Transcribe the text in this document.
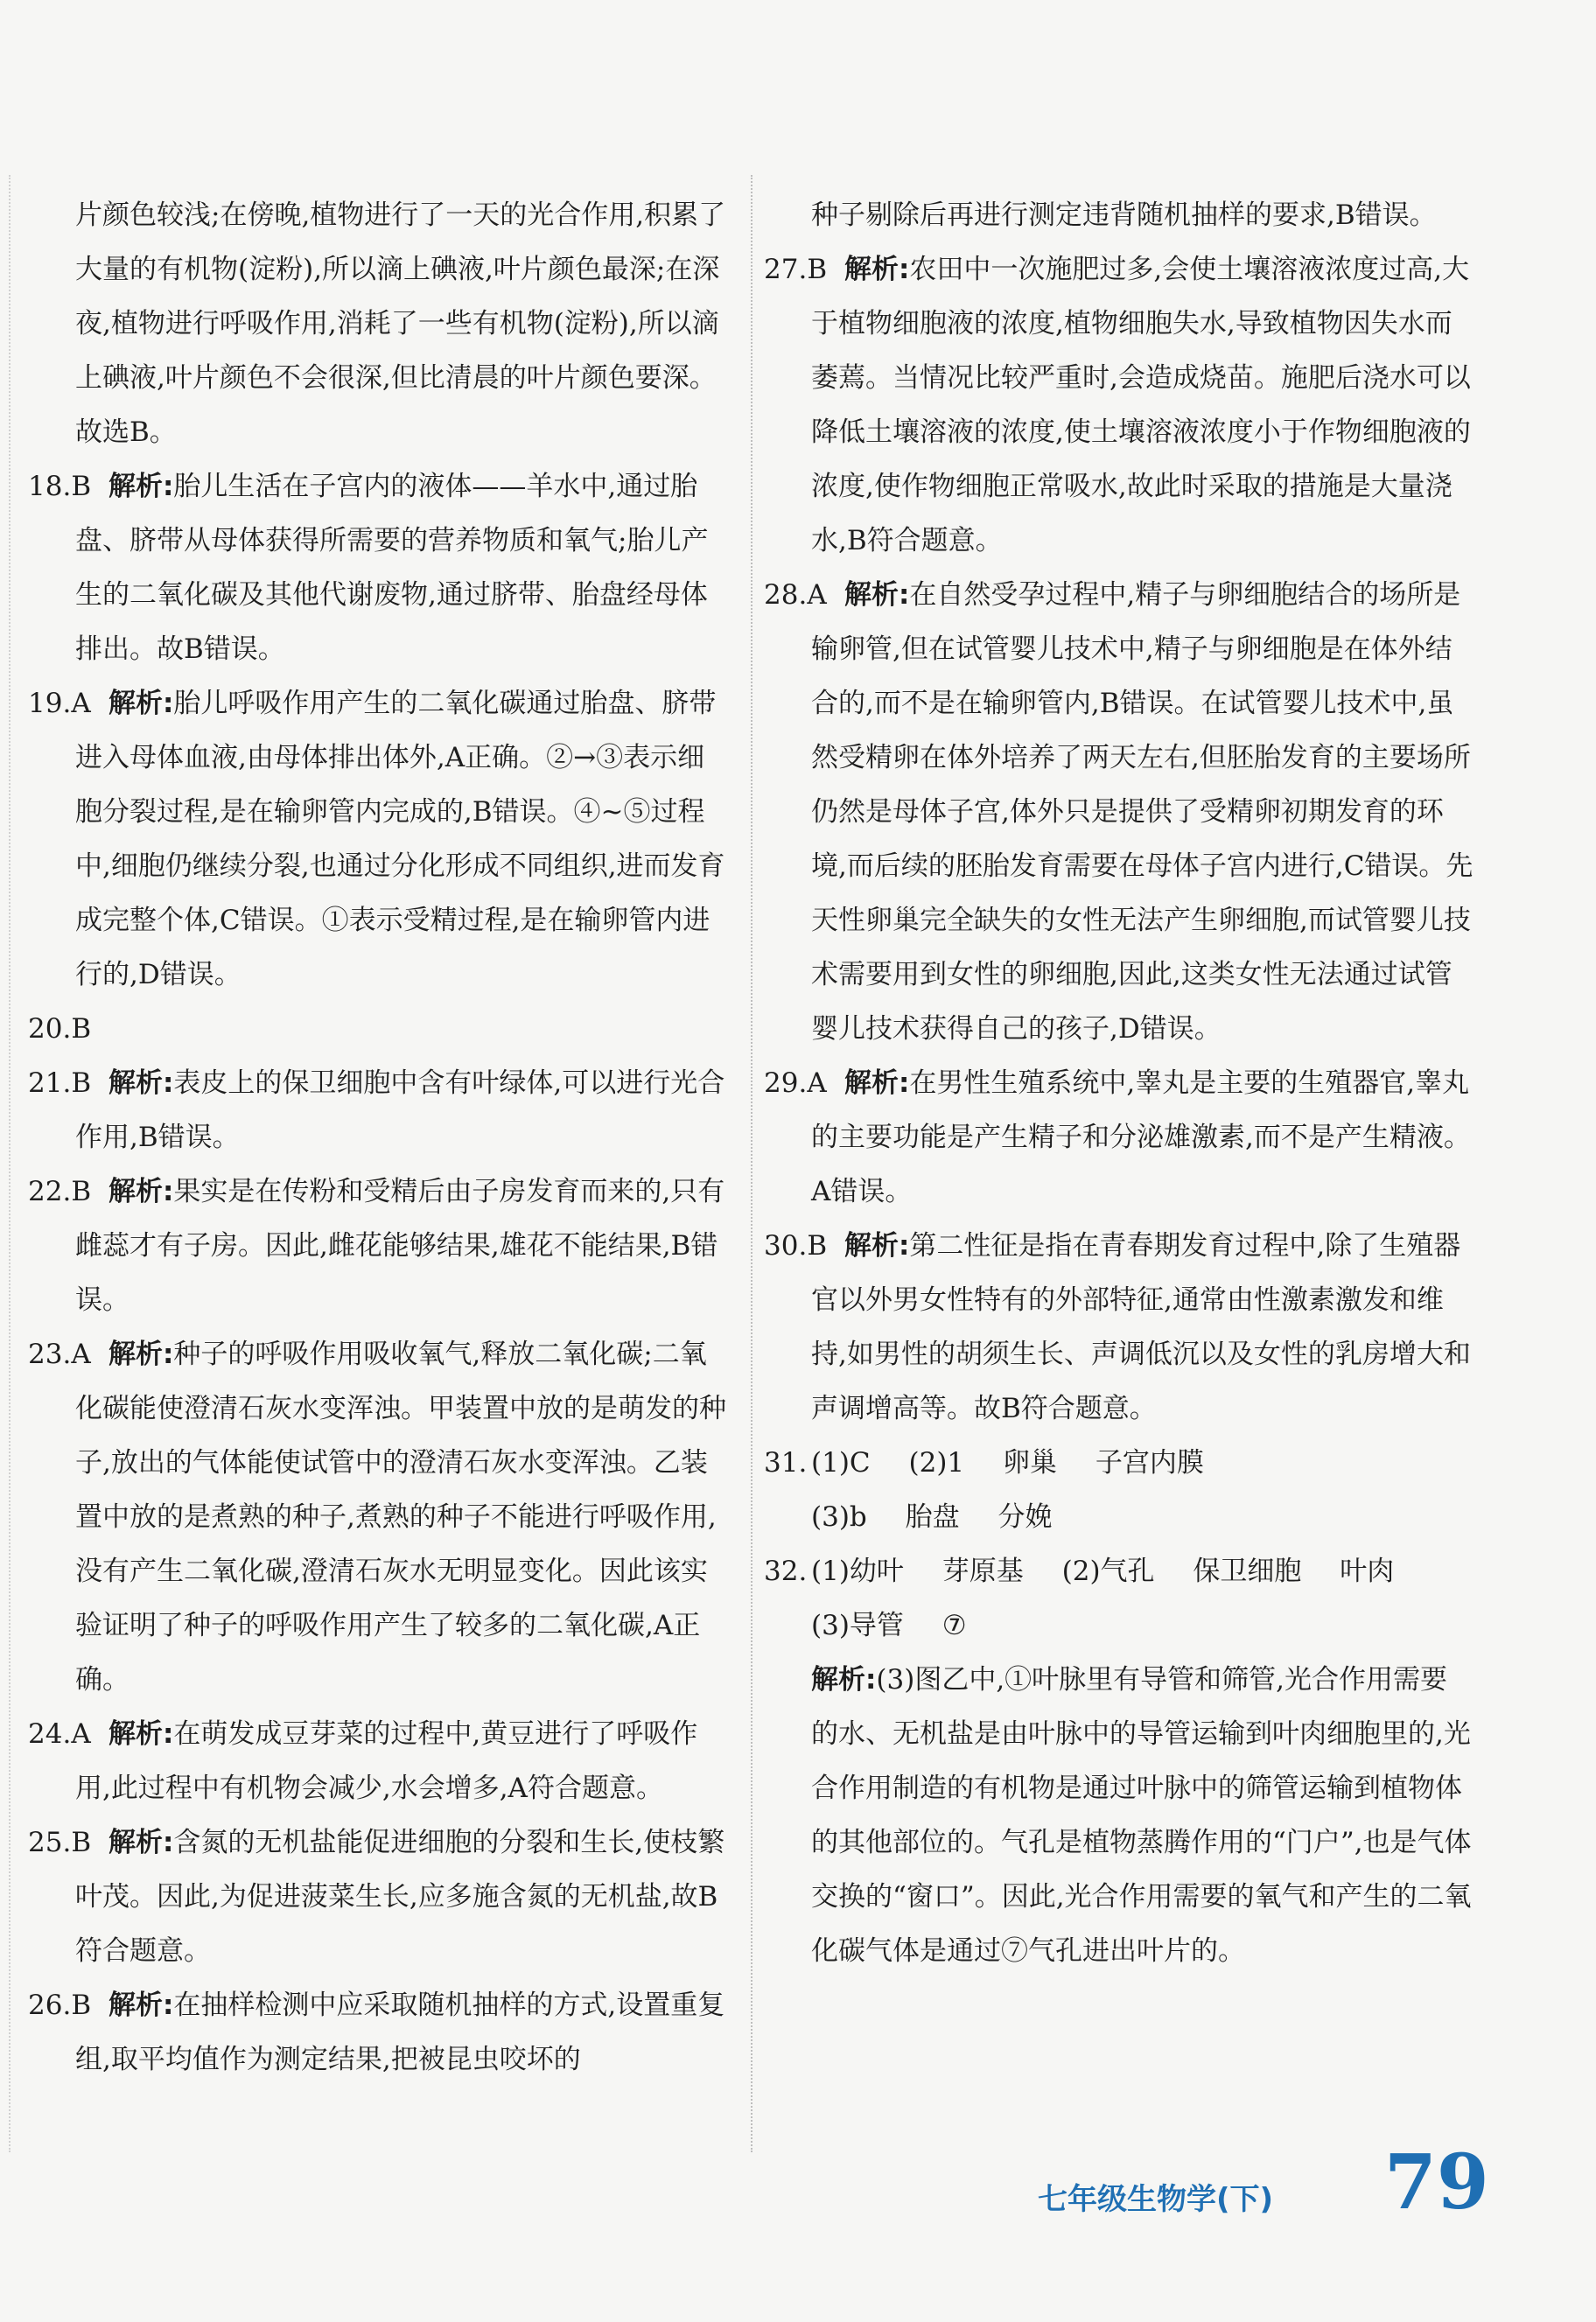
片颜色较浅;在傍晚,植物进行了一天的光合作用,积累了大量的有机物(淀粉),所以滴上碘液,叶片颜色最深;在深夜,植物进行呼吸作用,消耗了一些有机物(淀粉),所以滴上碘液,叶片颜色不会很深,但比清晨的叶片颜色要深。故选B。
18.B 解析:胎儿生活在子宫内的液体——羊水中,通过胎盘、脐带从母体获得所需要的营养物质和氧气;胎儿产生的二氧化碳及其他代谢废物,通过脐带、胎盘经母体排出。故B错误。
19.A 解析:胎儿呼吸作用产生的二氧化碳通过胎盘、脐带进入母体血液,由母体排出体外,A正确。②→③表示细胞分裂过程,是在输卵管内完成的,B错误。④~⑤过程中,细胞仍继续分裂,也通过分化形成不同组织,进而发育成完整个体,C错误。①表示受精过程,是在输卵管内进行的,D错误。
20.B

21.B 解析:表皮上的保卫细胞中含有叶绿体,可以进行光合作用,B错误。
22.B 解析:果实是在传粉和受精后由子房发育而来的,只有雌蕊才有子房。因此,雌花能够结果,雄花不能结果,B错误。
23.A 解析:种子的呼吸作用吸收氧气,释放二氧化碳;二氧化碳能使澄清石灰水变浑浊。甲装置中放的是萌发的种子,放出的气体能使试管中的澄清石灰水变浑浊。乙装置中放的是煮熟的种子,煮熟的种子不能进行呼吸作用,没有产生二氧化碳,澄清石灰水无明显变化。因此该实验证明了种子的呼吸作用产生了较多的二氧化碳,A正确。
24.A 解析:在萌发成豆芽菜的过程中,黄豆进行了呼吸作用,此过程中有机物会减少,水会增多,A符合题意。
25.B 解析:含氮的无机盐能促进细胞的分裂和生长,使枝繁叶茂。因此,为促进菠菜生长,应多施含氮的无机盐,故B符合题意。
26.B 解析:在抽样检测中应采取随机抽样的方式,设置重复组,取平均值作为测定结果,把被昆虫咬坏的
种子剔除后再进行测定违背随机抽样的要求,B错误。
27.B 解析:农田中一次施肥过多,会使土壤溶液浓度过高,大于植物细胞液的浓度,植物细胞失水,导致植物因失水而萎蔫。当情况比较严重时,会造成烧苗。施肥后浇水可以降低土壤溶液的浓度,使土壤溶液浓度小于作物细胞液的浓度,使作物细胞正常吸水,故此时采取的措施是大量浇水,B符合题意。
28.A 解析:在自然受孕过程中,精子与卵细胞结合的场所是输卵管,但在试管婴儿技术中,精子与卵细胞是在体外结合的,而不是在输卵管内,B错误。在试管婴儿技术中,虽然受精卵在体外培养了两天左右,但胚胎发育的主要场所仍然是母体子宫,体外只是提供了受精卵初期发育的环境,而后续的胚胎发育需要在母体子宫内进行,C错误。先天性卵巢完全缺失的女性无法产生卵细胞,而试管婴儿技术需要用到女性的卵细胞,因此,这类女性无法通过试管婴儿技术获得自己的孩子,D错误。
29.A 解析:在男性生殖系统中,睾丸是主要的生殖器官,睾丸的主要功能是产生精子和分泌雄激素,而不是产生精液。A错误。
30.B 解析:第二性征是指在青春期发育过程中,除了生殖器官以外男女性特有的外部特征,通常由性激素激发和维持,如男性的胡须生长、声调低沉以及女性的乳房增大和声调增高等。故B符合题意。
31. (1)C (2)1 卵巢 子宫内膜
(3)b 胎盘 分娩
32. (1)幼叶 芽原基 (2)气孔 保卫细胞 叶肉
(3)导管 ⑦
解析:(3)图乙中,①叶脉里有导管和筛管,光合作用需要的水、无机盐是由叶脉中的导管运输到叶肉细胞里的,光合作用制造的有机物是通过叶脉中的筛管运输到植物体的其他部位的。气孔是植物蒸腾作用的“门户”,也是气体交换的“窗口”。因此,光合作用需要的氧气和产生的二氧化碳气体是通过⑦气孔进出叶片的。
七年级生物学(下) 79
